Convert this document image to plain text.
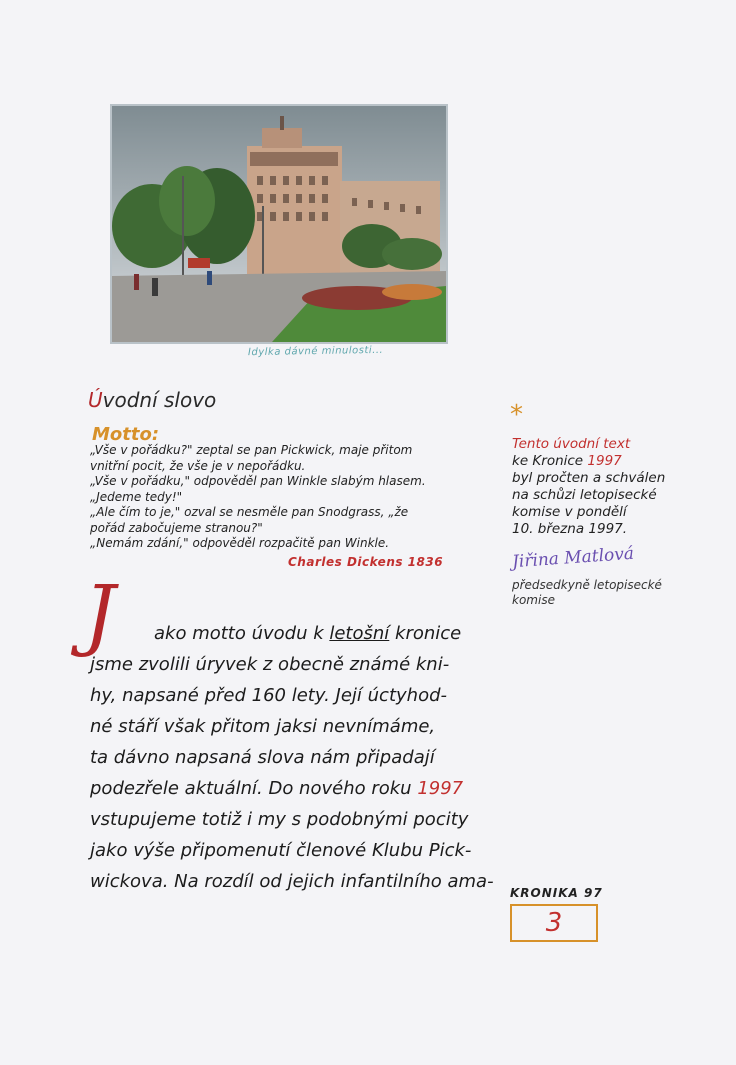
Idylka dávné minulosti...
Úvodní slovo
Motto:
„Vše v pořádku?" zeptal se pan Pickwick, maje přitom
vnitřní pocit, že vše je v nepořádku.
„Vše v pořádku," odpověděl pan Winkle slabým hlasem.
„Jedeme tedy!"
„Ale čím to je," ozval se nesměle pan Snodgrass, „že
pořád zabočujeme stranou?"
„Nemám zdání," odpověděl rozpačitě pan Winkle.
Charles Dickens 1836
*
Tento úvodní text
ke Kronice 1997
byl pročten a schválen
na schůzi letopisecké
komise v pondělí
10. března 1997.
Jiřina Matlová
předsedkyně letopisecké
komise
J	ako motto úvodu k letošní kronice
jsme zvolili úryvek z obecně známé kni-
hy, napsané před 160 lety. Její úctyhod-
né stáří však přitom jaksi nevnímáme,
ta dávno napsaná slova nám připadají
podezřele aktuální. Do nového roku 1997
vstupujeme totiž i my s podobnými pocity
jako výše připomenutí členové Klubu Pick-
wickova. Na rozdíl od jejich infantilního ama-
KRONIKA 97
3
